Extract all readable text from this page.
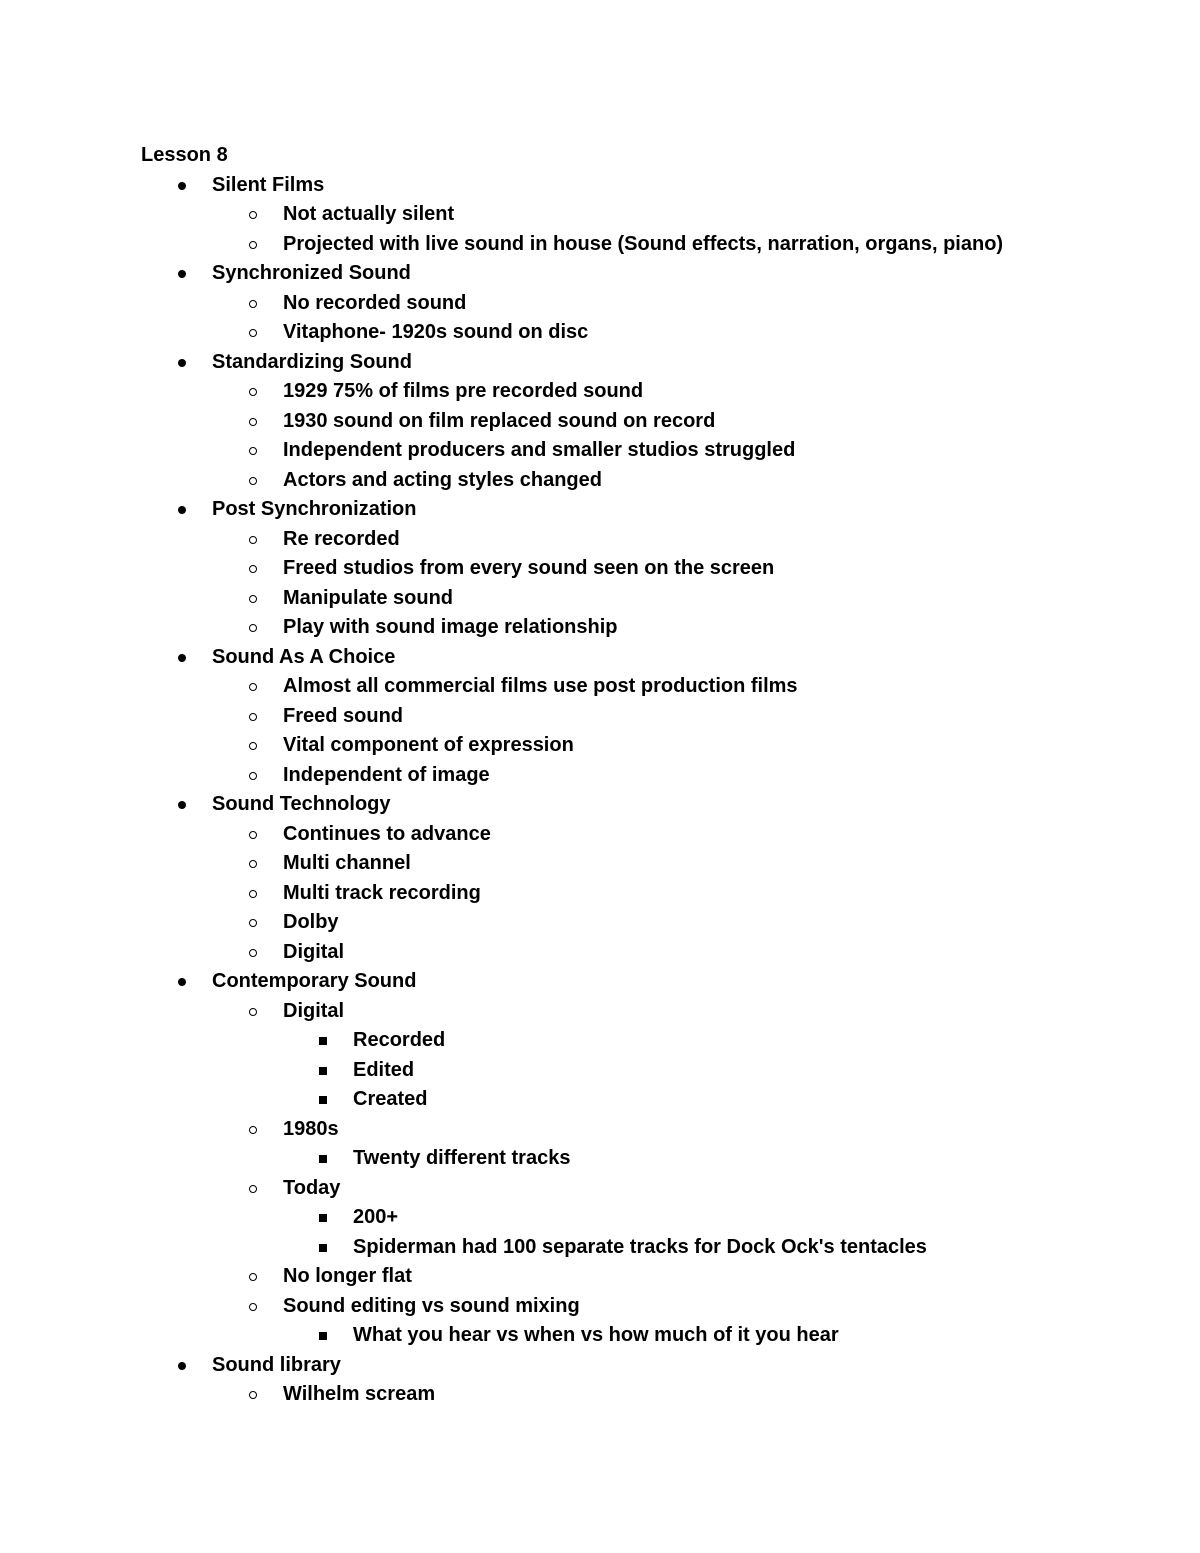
Lesson 8
Silent Films
Not actually silent
Projected with live sound in house (Sound effects, narration, organs, piano)
Synchronized Sound
No recorded sound
Vitaphone- 1920s sound on disc
Standardizing Sound
1929 75% of films pre recorded sound
1930 sound on film replaced sound on record
Independent producers and smaller studios struggled
Actors and acting styles changed
Post Synchronization
Re recorded
Freed studios from every sound seen on the screen
Manipulate sound
Play with sound image relationship
Sound As A Choice
Almost all commercial films use post production films
Freed sound
Vital component of expression
Independent of image
Sound Technology
Continues to advance
Multi channel
Multi track recording
Dolby
Digital
Contemporary Sound
Digital
Recorded
Edited
Created
1980s
Twenty different tracks
Today
200+
Spiderman had 100 separate tracks for Dock Ock's tentacles
No longer flat
Sound editing vs sound mixing
What you hear vs when vs how much of it you hear
Sound library
Wilhelm scream
